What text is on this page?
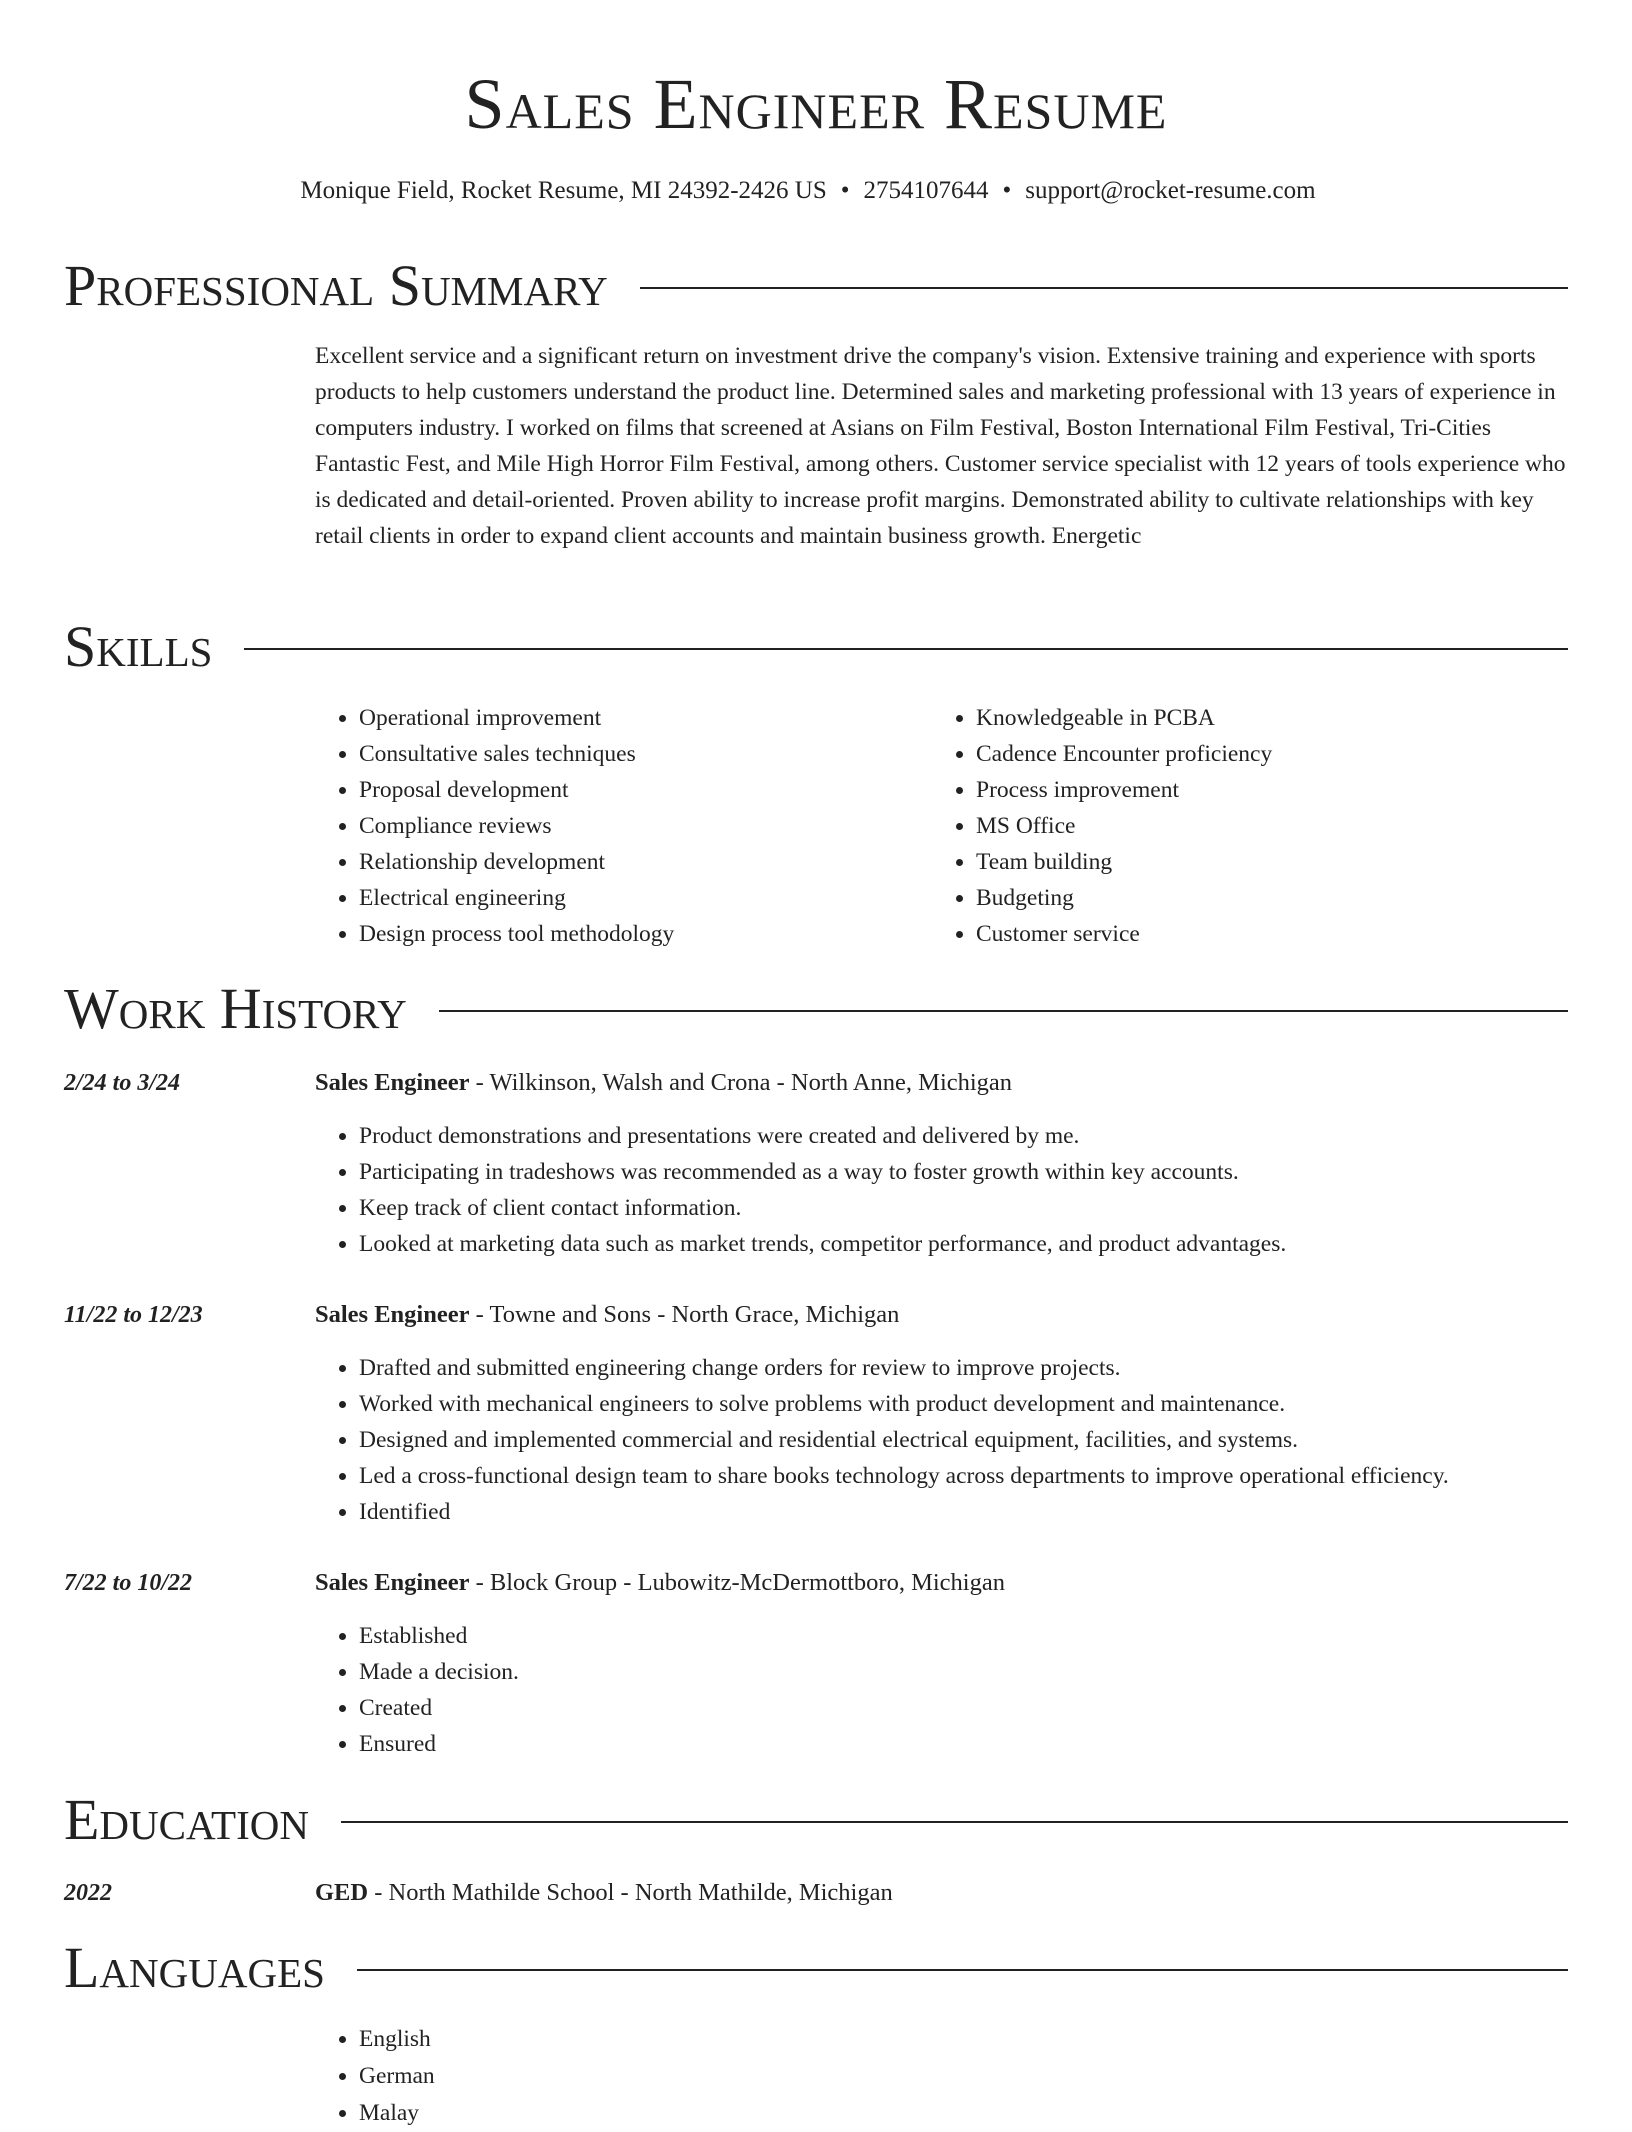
Sales Engineer Resume
Monique Field, Rocket Resume, MI 24392-2426 US • 2754107644 • support@rocket-resume.com
Professional Summary

Excellent service and a significant return on investment drive the company's vision. Extensive training and experience with sports products to help customers understand the product line. Determined sales and marketing professional with 13 years of experience in computers industry. I worked on films that screened at Asians on Film Festival, Boston International Film Festival, Tri-Cities Fantastic Fest, and Mile High Horror Film Festival, among others. Customer service specialist with 12 years of tools experience who is dedicated and detail-oriented. Proven ability to increase profit margins. Demonstrated ability to cultivate relationships with key retail clients in order to expand client accounts and maintain business growth. Energetic

Skills
• Operational improvement
• Consultative sales techniques
• Proposal development
• Compliance reviews
• Relationship development
• Electrical engineering
• Design process tool methodology
• Knowledgeable in PCBA
• Cadence Encounter proficiency
• Process improvement
• MS Office
• Team building
• Budgeting
• Customer service
Work History
2/24 to 3/24	Sales Engineer - Wilkinson, Walsh and Crona - North Anne, Michigan
• Product demonstrations and presentations were created and delivered by me.
• Participating in tradeshows was recommended as a way to foster growth within key accounts.
• Keep track of client contact information.
• Looked at marketing data such as market trends, competitor performance, and product advantages.
11/22 to 12/23	Sales Engineer - Towne and Sons - North Grace, Michigan
• Drafted and submitted engineering change orders for review to improve projects.
• Worked with mechanical engineers to solve problems with product development and maintenance.
• Designed and implemented commercial and residential electrical equipment, facilities, and systems.
• Led a cross-functional design team to share books technology across departments to improve operational efficiency.
• Identified
7/22 to 10/22	Sales Engineer - Block Group - Lubowitz-McDermottboro, Michigan
• Established
• Made a decision.
• Created
• Ensured
Education
2022	GED - North Mathilde School - North Mathilde, Michigan
Languages
• English
• German
• Malay
